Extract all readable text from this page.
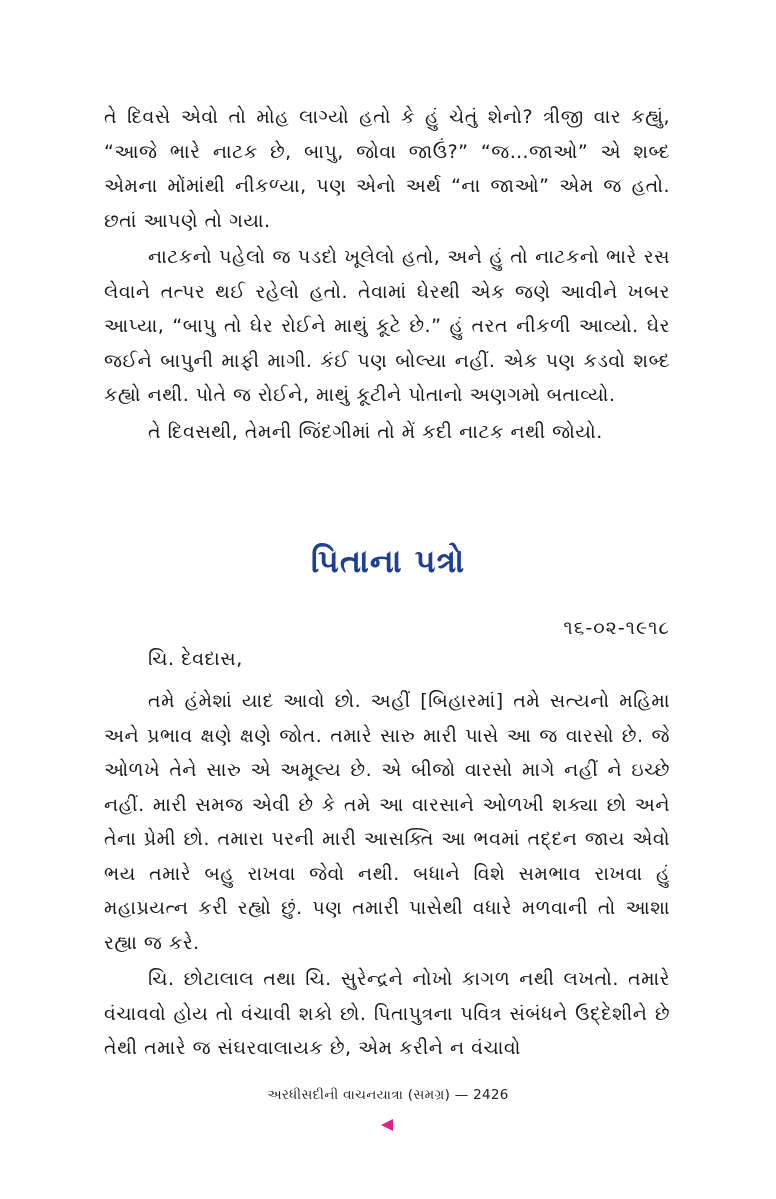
તે દિવસે એવો તો મોહ લાગ્યો હતો કે હું ચેતું શેનો? ત્રીજી વાર કહ્યું, “આજે ભારે નાટક છે, બાપુ, જોવા જાઉં?” “જ…જાઓ” એ શબ્દ એમના મોંમાંથી નીકળ્યા, પણ એનો અર્થ “ના જાઓ” એમ જ હતો. છતાં આપણે તો ગયા.

નાટકનો પહેલો જ પડદો ખૂલેલો હતો, અને હું તો નાટકનો ભારે રસ લેવાને તત્પર થઈ રહેલો હતો. તેવામાં ઘેરથી એક જણે આવીને ખબર આપ્યા, “બાપુ તો ઘેર રોઈને માથું કૂટે છે.” હું તરત નીકળી આવ્યો. ઘેર જઈને બાપુની માફી માગી. કંઈ પણ બોલ્યા નહીં. એક પણ કડવો શબ્દ કહ્યો નથી. પોતે જ રોઈને, માથું કૂટીને પોતાનો અણગમો બતાવ્યો.

તે દિવસથી, તેમની જિંદગીમાં તો મેં કદી નાટક નથી જોયો.

પિતાના પત્રો
૧૬-૦૨-૧૯૧૮
ચિ. દેવદાસ,

તમે હંમેશાં યાદ આવો છો. અહીં [બિહારમાં] તમે સત્યનો મહિમા અને પ્રભાવ ક્ષણે ક્ષણે જોત. તમારે સારુ મારી પાસે આ જ વારસો છે. જે ઓળખે તેને સારુ એ અમૂલ્ય છે. એ બીજો વારસો માગે નહીં ને ઇચ્છે નહીં. મારી સમજ એવી છે કે તમે આ વારસાને ઓળખી શક્યા છો અને તેના પ્રેમી છો. તમારા પરની મારી આસક્તિ આ ભવમાં તદ્દન જાય એવો ભય તમારે બહુ રાખવા જેવો નથી. બધાને વિશે સમભાવ રાખવા હું મહાપ્રયત્ન કરી રહ્યો છું. પણ તમારી પાસેથી વધારે મળવાની તો આશા રહ્યા જ કરે.

ચિ. છોટાલાલ તથા ચિ. સુરેન્દ્રને નોખો કાગળ નથી લખતો. તમારે વંચાવવો હોય તો વંચાવી શકો છો. પિતાપુત્રના પવિત્ર સંબંધને ઉદ્દેશીને છે તેથી તમારે જ સંઘરવાલાયક છે, એમ કરીને ન વંચાવો

અરધીસદીની વાચનયાત્રા (સમગ્ર) — 2426
